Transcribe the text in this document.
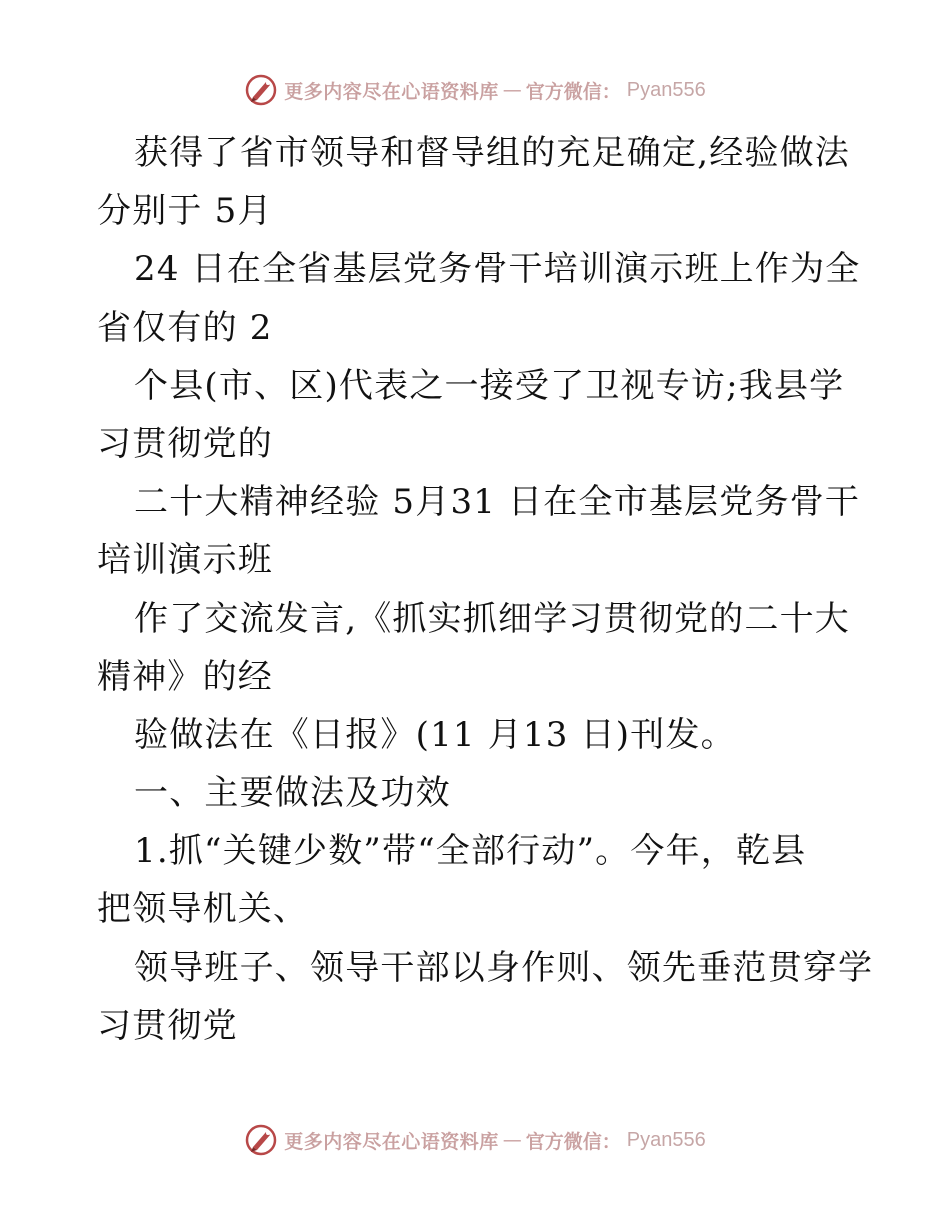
更多内容尽在心语资料库 — 官方微信： Pyan556
获得了省市领导和督导组的充足确定,经验做法
分别于 5月
24 日在全省基层党务骨干培训演示班上作为全
省仅有的 2
个县(市、区)代表之一接受了卫视专访;我县学
习贯彻党的
二十大精神经验 5月31 日在全市基层党务骨干
培训演示班
作了交流发言,《抓实抓细学习贯彻党的二十大
精神》的经
验做法在《日报》(11 月13 日)刊发。
一、主要做法及功效
1.抓“关键少数”带“全部行动”。今年，乾县
把领导机关、
领导班子、领导干部以身作则、领先垂范贯穿学
习贯彻党
更多内容尽在心语资料库 — 官方微信： Pyan556
